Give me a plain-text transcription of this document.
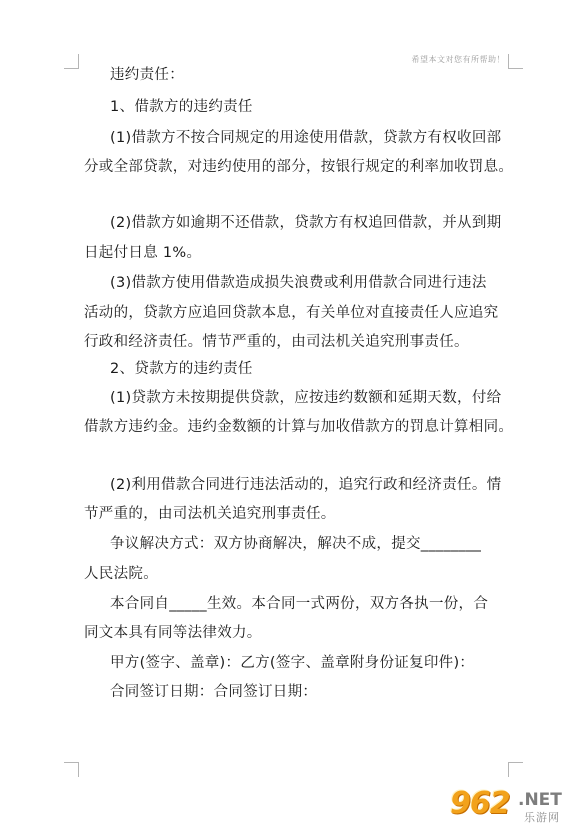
希望本文对您有所帮助！
违约责任：
1、借款方的违约责任
(1)借款方不按合同规定的用途使用借款，贷款方有权收回部
分或全部贷款，对违约使用的部分，按银行规定的利率加收罚息。
(2)借款方如逾期不还借款，贷款方有权追回借款，并从到期
日起付日息 1%。
(3)借款方使用借款造成损失浪费或利用借款合同进行违法
活动的，贷款方应追回贷款本息，有关单位对直接责任人应追究
行政和经济责任。情节严重的，由司法机关追究刑事责任。
2、贷款方的违约责任
(1)贷款方未按期提供贷款，应按违约数额和延期天数，付给
借款方违约金。违约金数额的计算与加收借款方的罚息计算相同。
(2)利用借款合同进行违法活动的，追究行政和经济责任。情
节严重的，由司法机关追究刑事责任。
争议解决方式：双方协商解决，解决不成，提交________
人民法院。
本合同自_____生效。本合同一式两份，双方各执一份，合
同文本具有同等法律效力。
甲方(签字、盖章)：乙方(签字、盖章附身份证复印件)：
合同签订日期：合同签订日期：
962 .NET
乐游网
